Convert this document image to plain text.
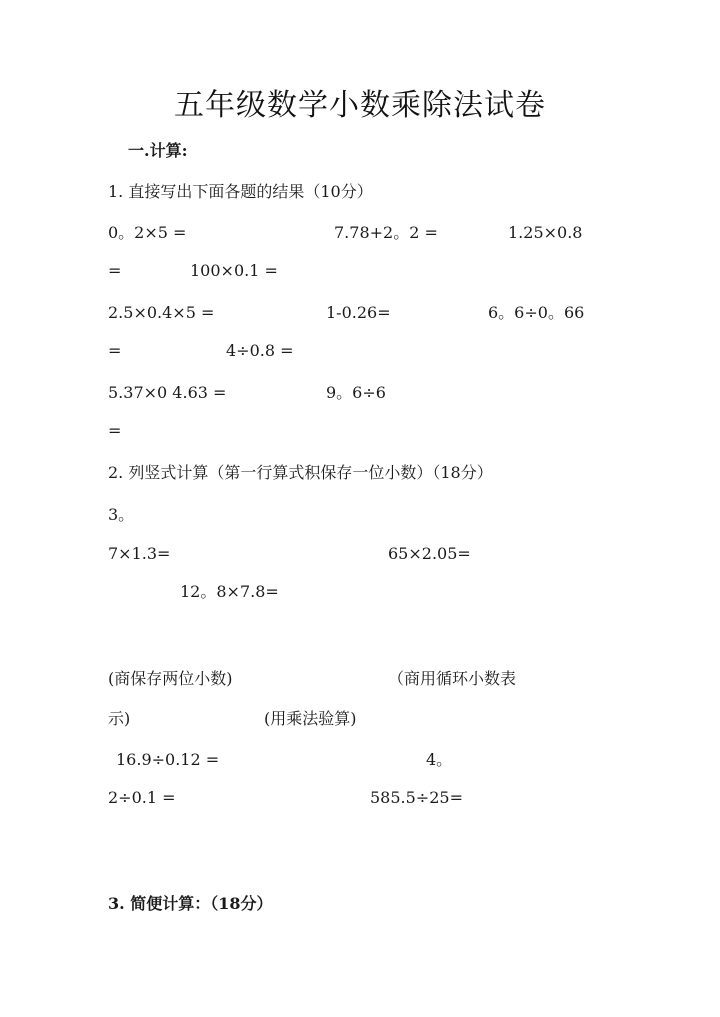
五年级数学小数乘除法试卷
一.计算:
1. 直接写出下面各题的结果（10分）
0。2×5 =	7.78+2。2 =	1.25×0.8
=	100×0.1 =
2.5×0.4×5 =	1-0.26=	6。6÷0。66
=	4÷0.8 =
5.37×0 4.63 =	9。6÷6
=
2. 列竖式计算（第一行算式积保存一位小数）（18分）
3。
7×1.3=	65×2.05=
12。8×7.8=
(商保存两位小数)	（商用循环小数表
示)	(用乘法验算)
16.9÷0.12 =	4。
2÷0.1 =	585.5÷25=
3. 简便计算：（18分）
